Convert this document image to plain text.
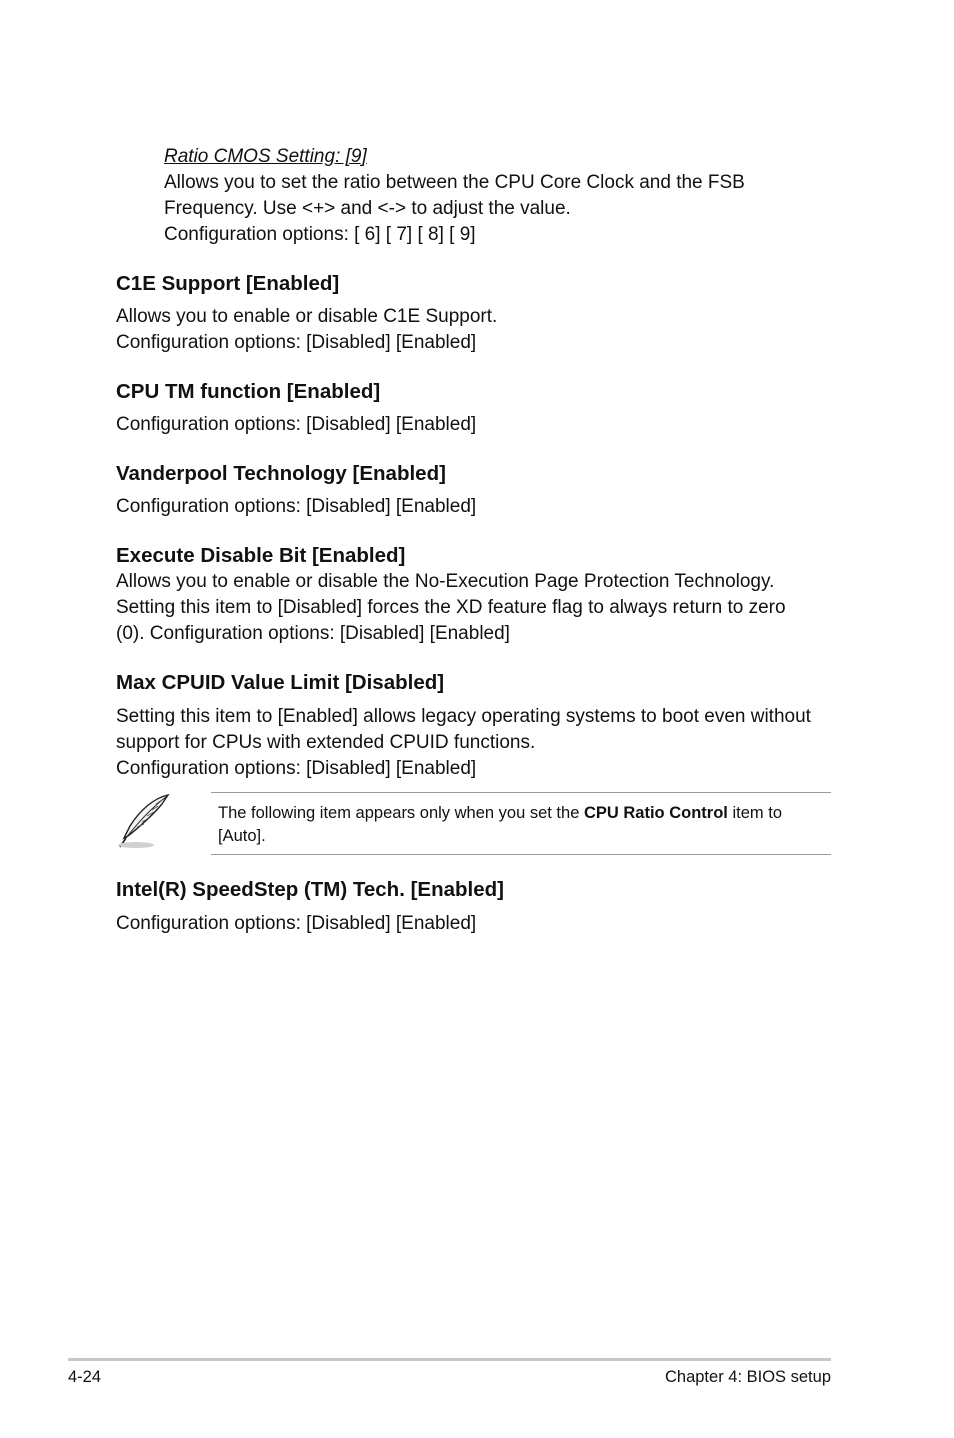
Ratio CMOS Setting: [9]
Allows you to set the ratio between the CPU Core Clock and the FSB
Frequency. Use <+> and <-> to adjust the value.
Configuration options: [ 6] [ 7] [ 8] [ 9]
C1E Support [Enabled]
Allows you to enable or disable C1E Support.
Configuration options: [Disabled] [Enabled]
CPU TM function [Enabled]
Configuration options: [Disabled] [Enabled]
Vanderpool Technology [Enabled]
Configuration options: [Disabled] [Enabled]
Execute Disable Bit [Enabled]
Allows you to enable or disable the No-Execution Page Protection Technology.
Setting this item to [Disabled] forces the XD feature flag to always return to zero
(0). Configuration options: [Disabled] [Enabled]
Max CPUID Value Limit [Disabled]
Setting this item to [Enabled] allows legacy operating systems to boot even without
support for CPUs with extended CPUID functions.
Configuration options: [Disabled] [Enabled]
The following item appears only when you set the CPU Ratio Control item to
[Auto].
Intel(R) SpeedStep (TM) Tech. [Enabled]
Configuration options: [Disabled] [Enabled]
4-24	Chapter 4: BIOS setup
